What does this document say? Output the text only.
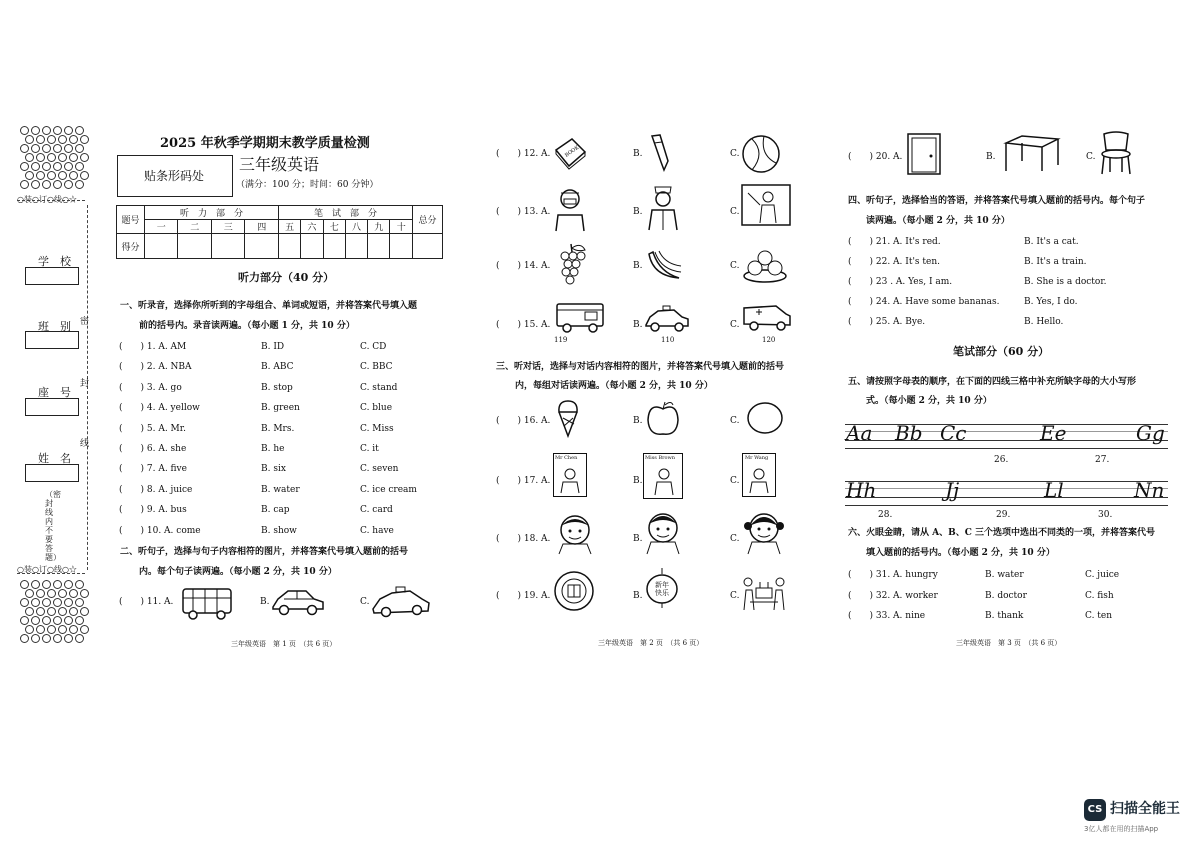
○装○订○线○☆
学　校
班　别
座　号
姓　名
密
封
线
（密封线内不要答题）
○装○订○线○☆
2025 年秋季学期期末教学质量检测
贴条形码处
三年级英语
（满分：100 分；时间：60 分钟）
题号	听　力　部　分				笔　试　部　分						总分
	一	二	三	四	五	六	七	八	九	十	
得分											
听力部分（40 分）
一、听录音，选择你所听到的字母组合、单词或短语，并将答案代号填入题
前的括号内。录音读两遍。（每小题 1 分，共 10 分）
(　　) 1. A. AM	B. ID	C. CD
(　　) 2. A. NBA	B. ABC	C. BBC
(　　) 3. A. go	B. stop	C. stand
(　　) 4. A. yellow	B. green	C. blue
(　　) 5. A. Mr.	B. Mrs.	C. Miss
(　　) 6. A. she	B. he	C. it
(　　) 7. A. five	B. six	C. seven
(　　) 8. A. juice	B. water	C. ice cream
(　　) 9. A. bus	B. cap	C. card
(　　) 10. A. come	B. show	C. have
二、听句子，选择与句子内容相符的图片，并将答案代号填入题前的括号
内。每个句子读两遍。（每小题 2 分，共 10 分）
(　　) 11. A.	B.	C.
三年级英语　第 1 页　（共 6 页）
(　　) 12. A.	BOOK	B.	C.
(　　) 13. A.	B.	C.
(　　) 14. A.	B.	C.
(　　) 15. A.
119
B.
110
C.
120
三、听对话，选择与对话内容相符的图片，并将答案代号填入题前的括号
内，每组对话读两遍。（每小题 2 分，共 10 分）
(　　) 16. A.	B.	C.
(　　) 17. A.
Mr Chen
B.
Miss Brown
C.
Mr Wang
(　　) 18. A.	B.	C.
(　　) 19. A.	B.
新年快乐	C.
三年级英语　第 2 页　（共 6 页）
(　　) 20. A.	B.	C.
四、听句子，选择恰当的答语，并将答案代号填入题前的括号内。每个句子
读两遍。（每小题 2 分，共 10 分）
(　　) 21. A. It's red.	B. It's a cat.
(　　) 22. A. It's ten.	B. It's a train.
(　　) 23 . A. Yes, I am.	B. She is a doctor.
(　　) 24. A. Have some bananas.	B. Yes, I do.
(　　) 25. A. Bye.	B. Hello.
笔试部分（60 分）
五、请按照字母表的顺序，在下面的四线三格中补充所缺字母的大小写形
式。（每小题 2 分，共 10 分）
Aa Bb Cc	Ee	Gg
26.	27.
Hh	Jj	Ll	Nn
28.	29.	30.
六、火眼金睛，请从 A、B、C 三个选项中选出不同类的一项，并将答案代号
填入题前的括号内。（每小题 2 分，共 10 分）
(　　) 31. A. hungry	B. water	C. juice
(　　) 32. A. worker	B. doctor	C. fish
(　　) 33. A. nine	B. thank	C. ten
三年级英语　第 3 页　（共 6 页）
CS 扫描全能王
3亿人都在用的扫描App
